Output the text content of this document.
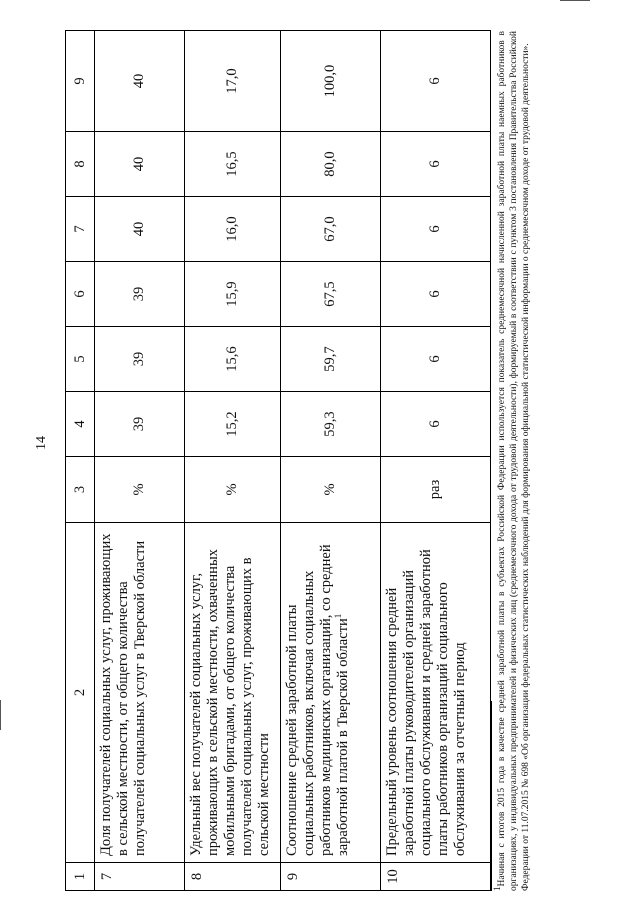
14
1	2	3	4	5	6	7	8	9
7	Доля получателей социальных услуг, проживающих в сельской местности, от общего количества получателей социальных услуг в Тверской области	%	39	39	39	40	40	40
8	Удельный вес получателей социальных услуг, проживающих в сельской местности, охваченных мобильными бригадами, от общего количества получателей социальных услуг, проживающих в сельской местности	%	15,2	15,6	15,9	16,0	16,5	17,0
9	Соотношение средней заработной платы социальных работников, включая социальных работников медицинских организаций, со средней заработной платой в Тверской области$^1$	%	59,3	59,7	67,5	67,0	80,0	100,0
10	Предельный уровень соотношения средней заработной платы руководителей организаций социального обслуживания и средней заработной платы работников организаций социального обслуживания за отчетный период	раз	6	6	6	6	6	6
$^1$Начиная с итогов 2015 года в качестве средней заработной платы в субъектах Российской Федерации используется показатель среднемесячной начисленной заработной платы наемных работников в организациях, у индивидуальных предпринимателей и физических лиц (среднемесячного дохода от трудовой деятельности), формируемый в соответствии с пунктом 3 постановления Правительства Российской Федерации от 11.07.2015 № 698 «Об организации федеральных статистических наблюдений для формирования официальной статистической информации о среднемесячном доходе от трудовой деятельности».
